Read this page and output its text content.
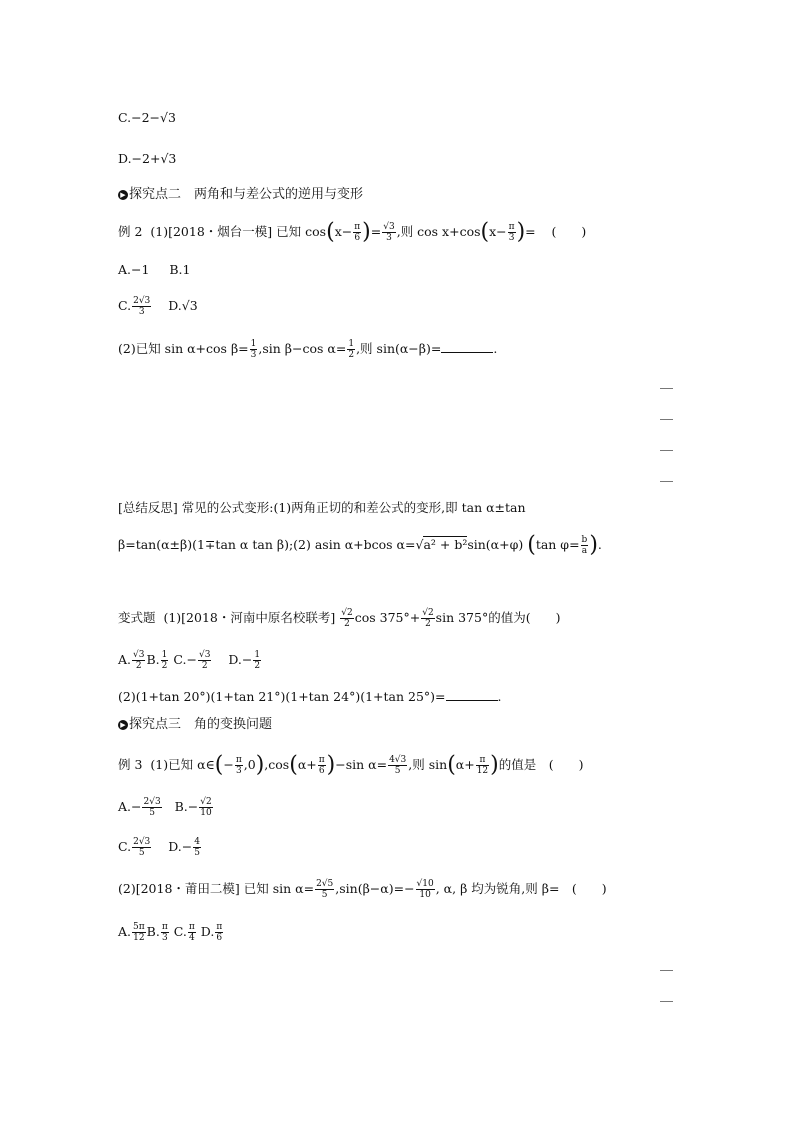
C.−2−√3
D.−2+√3
▶ 探究点二　两角和与差公式的逆用与变形
例 2 (1)[2018・烟台一模] 已知 $\cos(x- \frac{\pi}{6}$ )= $\frac{√3}{3}$ ,则 $\cos x+\cos(x- \frac{\pi}{3}$ )= (　　)
A.−1 B.1
C. $\frac{2√3}{3} D.√3$
(2)已知 sin α+cos $\beta= \frac{1}{3} ,\sin$ β−cos $\alpha= \frac{1}{2}$ ,则 sin(α−β)=	.
[总结反思] 常见的公式变形:(1)两角正切的和差公式的变形,即 tan α±tan
β=tan(α±β)(1∓tan α tan β);(2) asin α+bcos α=√a² + b²sin(α+φ) (tan $\varphi= \frac{b}{a}$ ).
变式题 (1)[2018・河南中原名校联考] $\frac{√2}{2}$ $\cos 375^\circ+ \frac{√2}{2}$ sin 375°的值为(　　)
A. $\frac{√3}{2} B$. $\frac{1}{2} C.- \frac{√3}{2} D.- \frac{1}{2}$
(2)(1+tan 20°)(1+tan 21°)(1+tan 24°)(1+tan 25°)=	.
▶ 探究点三　角的变换问题
例 3 (1)已知 α∈(− $\frac{\pi}{3} ,0),\cos(\alpha+ \frac{\pi}{6} )-\sin$ $\alpha= \frac{4√3}{5}$ ,则 $\sin(\alpha+ \frac{\pi}{12}$ )的值是　(　　)
$A.- \frac{2√3}{5} B.- \frac{√2}{10}$
C. $\frac{2√3}{5} D.- \frac{4}{5}$
(2)[2018・莆田二模] 已知 $\sin \alpha= \frac{2√5}{5} ,\sin(\beta-\alpha)=- \frac{√10}{10}$ , α, β 均为锐角,则 β=　(　　)
A. $\frac{5\pi}{12} B$. $\frac{\pi}{3} C$. $\frac{\pi}{4} D$. $\frac{\pi}{6}$
